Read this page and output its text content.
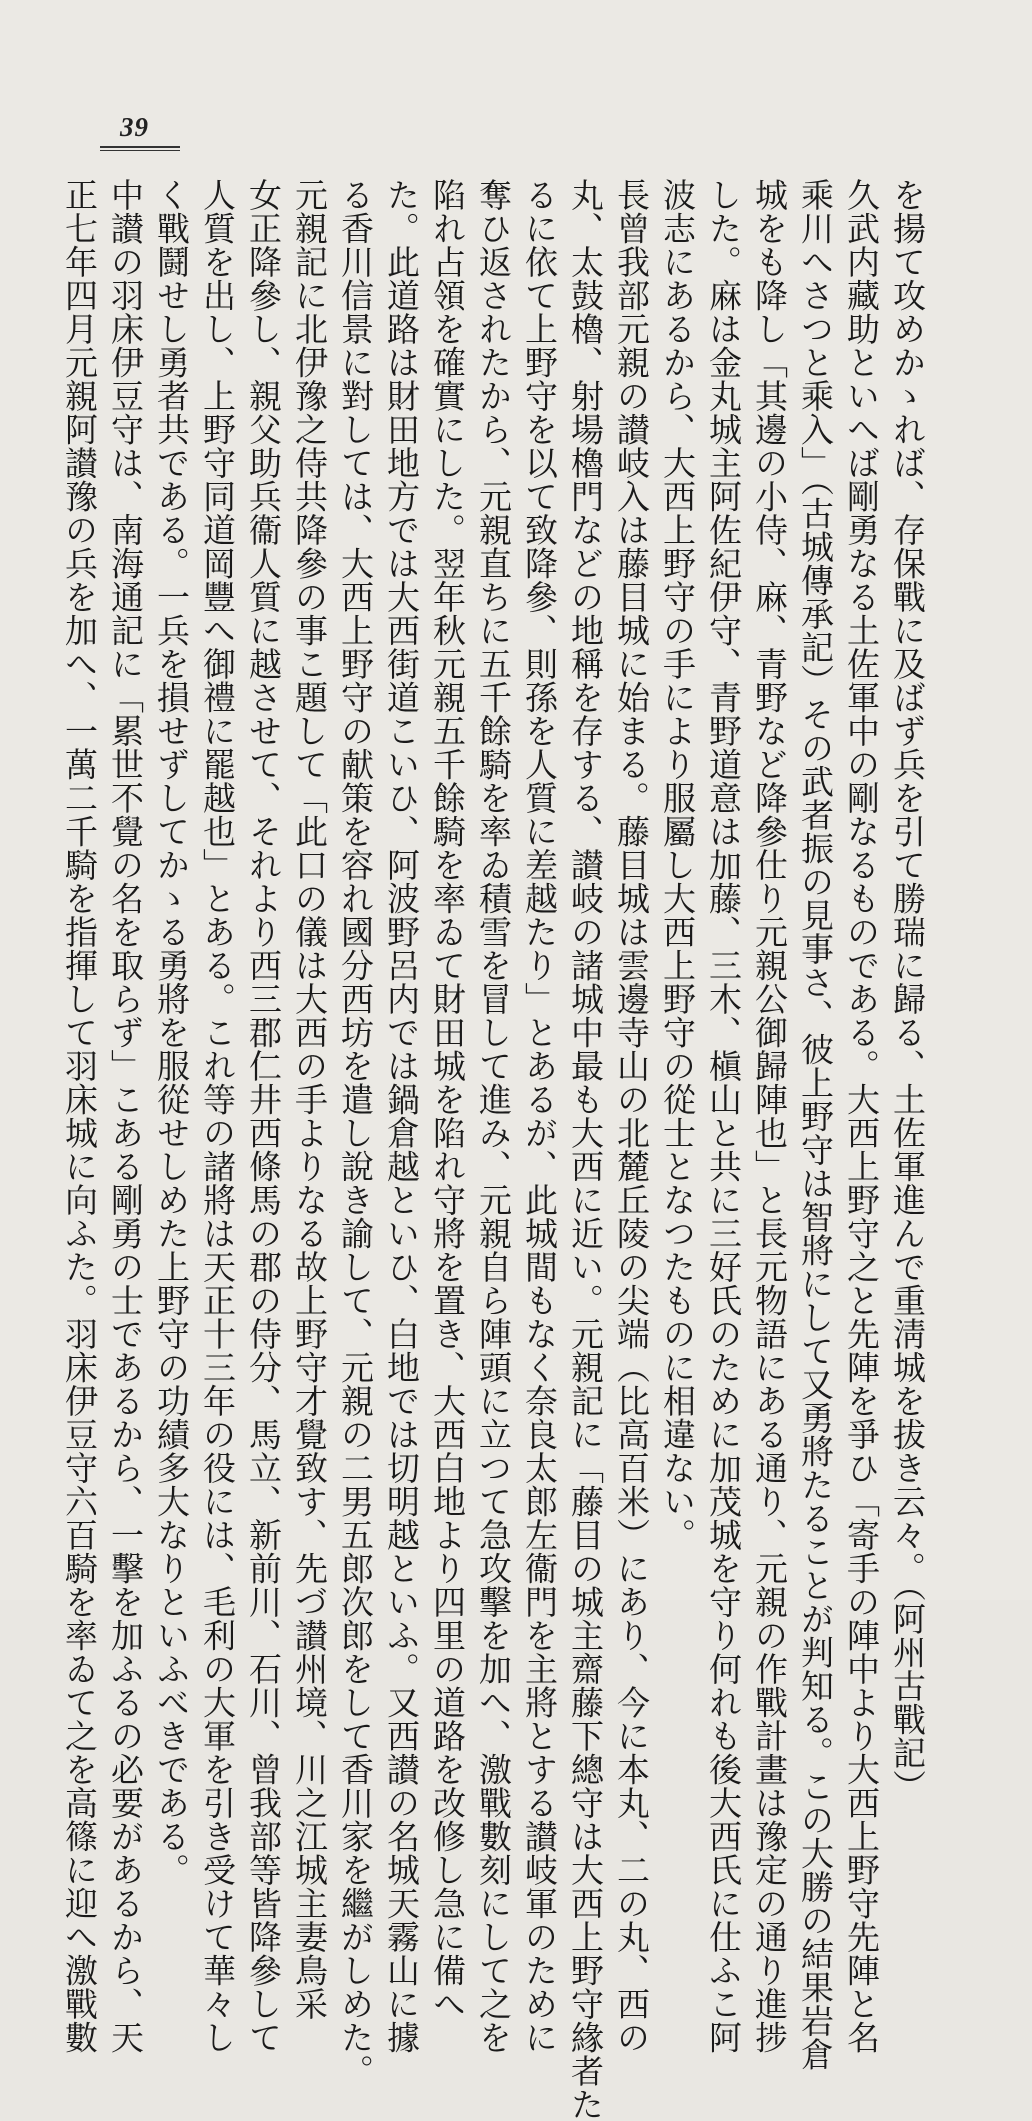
39
を揚て攻めかゝれば、存保戰に及ばず兵を引て勝瑞に歸る、土佐軍進んで重淸城を拔き云々。（阿州古戰記）
久武内藏助といへば剛勇なる土佐軍中の剛なるものである。大西上野守之と先陣を爭ひ「寄手の陣中より大西上野守先陣と名
乘川へさつと乘入」（古城傳承記）その武者振の見事さ、彼上野守は智將にして又勇將たることが判知る。この大勝の結果岩倉
城をも降し「其邊の小侍、麻、青野など降參仕り元親公御歸陣也」と長元物語にある通り、元親の作戰計畫は豫定の通り進捗
した。麻は金丸城主阿佐紀伊守、青野道意は加藤、三木、槇山と共に三好氏のために加茂城を守り何れも後大西氏に仕ふこ阿
波志にあるから、大西上野守の手により服屬し大西上野守の從士となつたものに相違ない。
長曾我部元親の讃岐入は藤目城に始まる。藤目城は雲邊寺山の北麓丘陵の尖端（比高百米）にあり、今に本丸、二の丸、西の
丸、太鼓櫓、射場櫓門などの地稱を存する、讃岐の諸城中最も大西に近い。元親記に「藤目の城主齋藤下總守は大西上野守緣者た
るに依て上野守を以て致降參、則孫を人質に差越たり」とあるが、此城間もなく奈良太郎左衞門を主將とする讃岐軍のために
奪ひ返されたから、元親直ちに五千餘騎を率ゐ積雪を冒して進み、元親自ら陣頭に立つて急攻擊を加へ、激戰數刻にして之を
陷れ占領を確實にした。翌年秋元親五千餘騎を率ゐて財田城を陷れ守將を置き、大西白地より四里の道路を改修し急に備へ
た。此道路は財田地方では大西街道こいひ、阿波野呂内では鍋倉越といひ、白地では切明越といふ。又西讃の名城天霧山に據
る香川信景に對しては、大西上野守の献策を容れ國分西坊を遣し說き諭して、元親の二男五郎次郎をして香川家を繼がしめた。
元親記に北伊豫之侍共降參の事こ題して「此口の儀は大西の手よりなる故上野守才覺致す、先づ讃州境、川之江城主妻鳥采
女正降參し、親父助兵衞人質に越させて、それより西三郡仁井西條馬の郡の侍分、馬立、新前川、石川、曾我部等皆降參して
人質を出し、上野守同道岡豐へ御禮に罷越也」とある。これ等の諸將は天正十三年の役には、毛利の大軍を引き受けて華々し
く戰鬪せし勇者共である。一兵を損せずしてかゝる勇將を服從せしめた上野守の功績多大なりといふべきである。
中讃の羽床伊豆守は、南海通記に「累世不覺の名を取らず」こある剛勇の士であるから、一擊を加ふるの必要があるから、天
正七年四月元親阿讃豫の兵を加へ、一萬二千騎を指揮して羽床城に向ふた。羽床伊豆守六百騎を率ゐて之を高篠に迎へ激戰數
